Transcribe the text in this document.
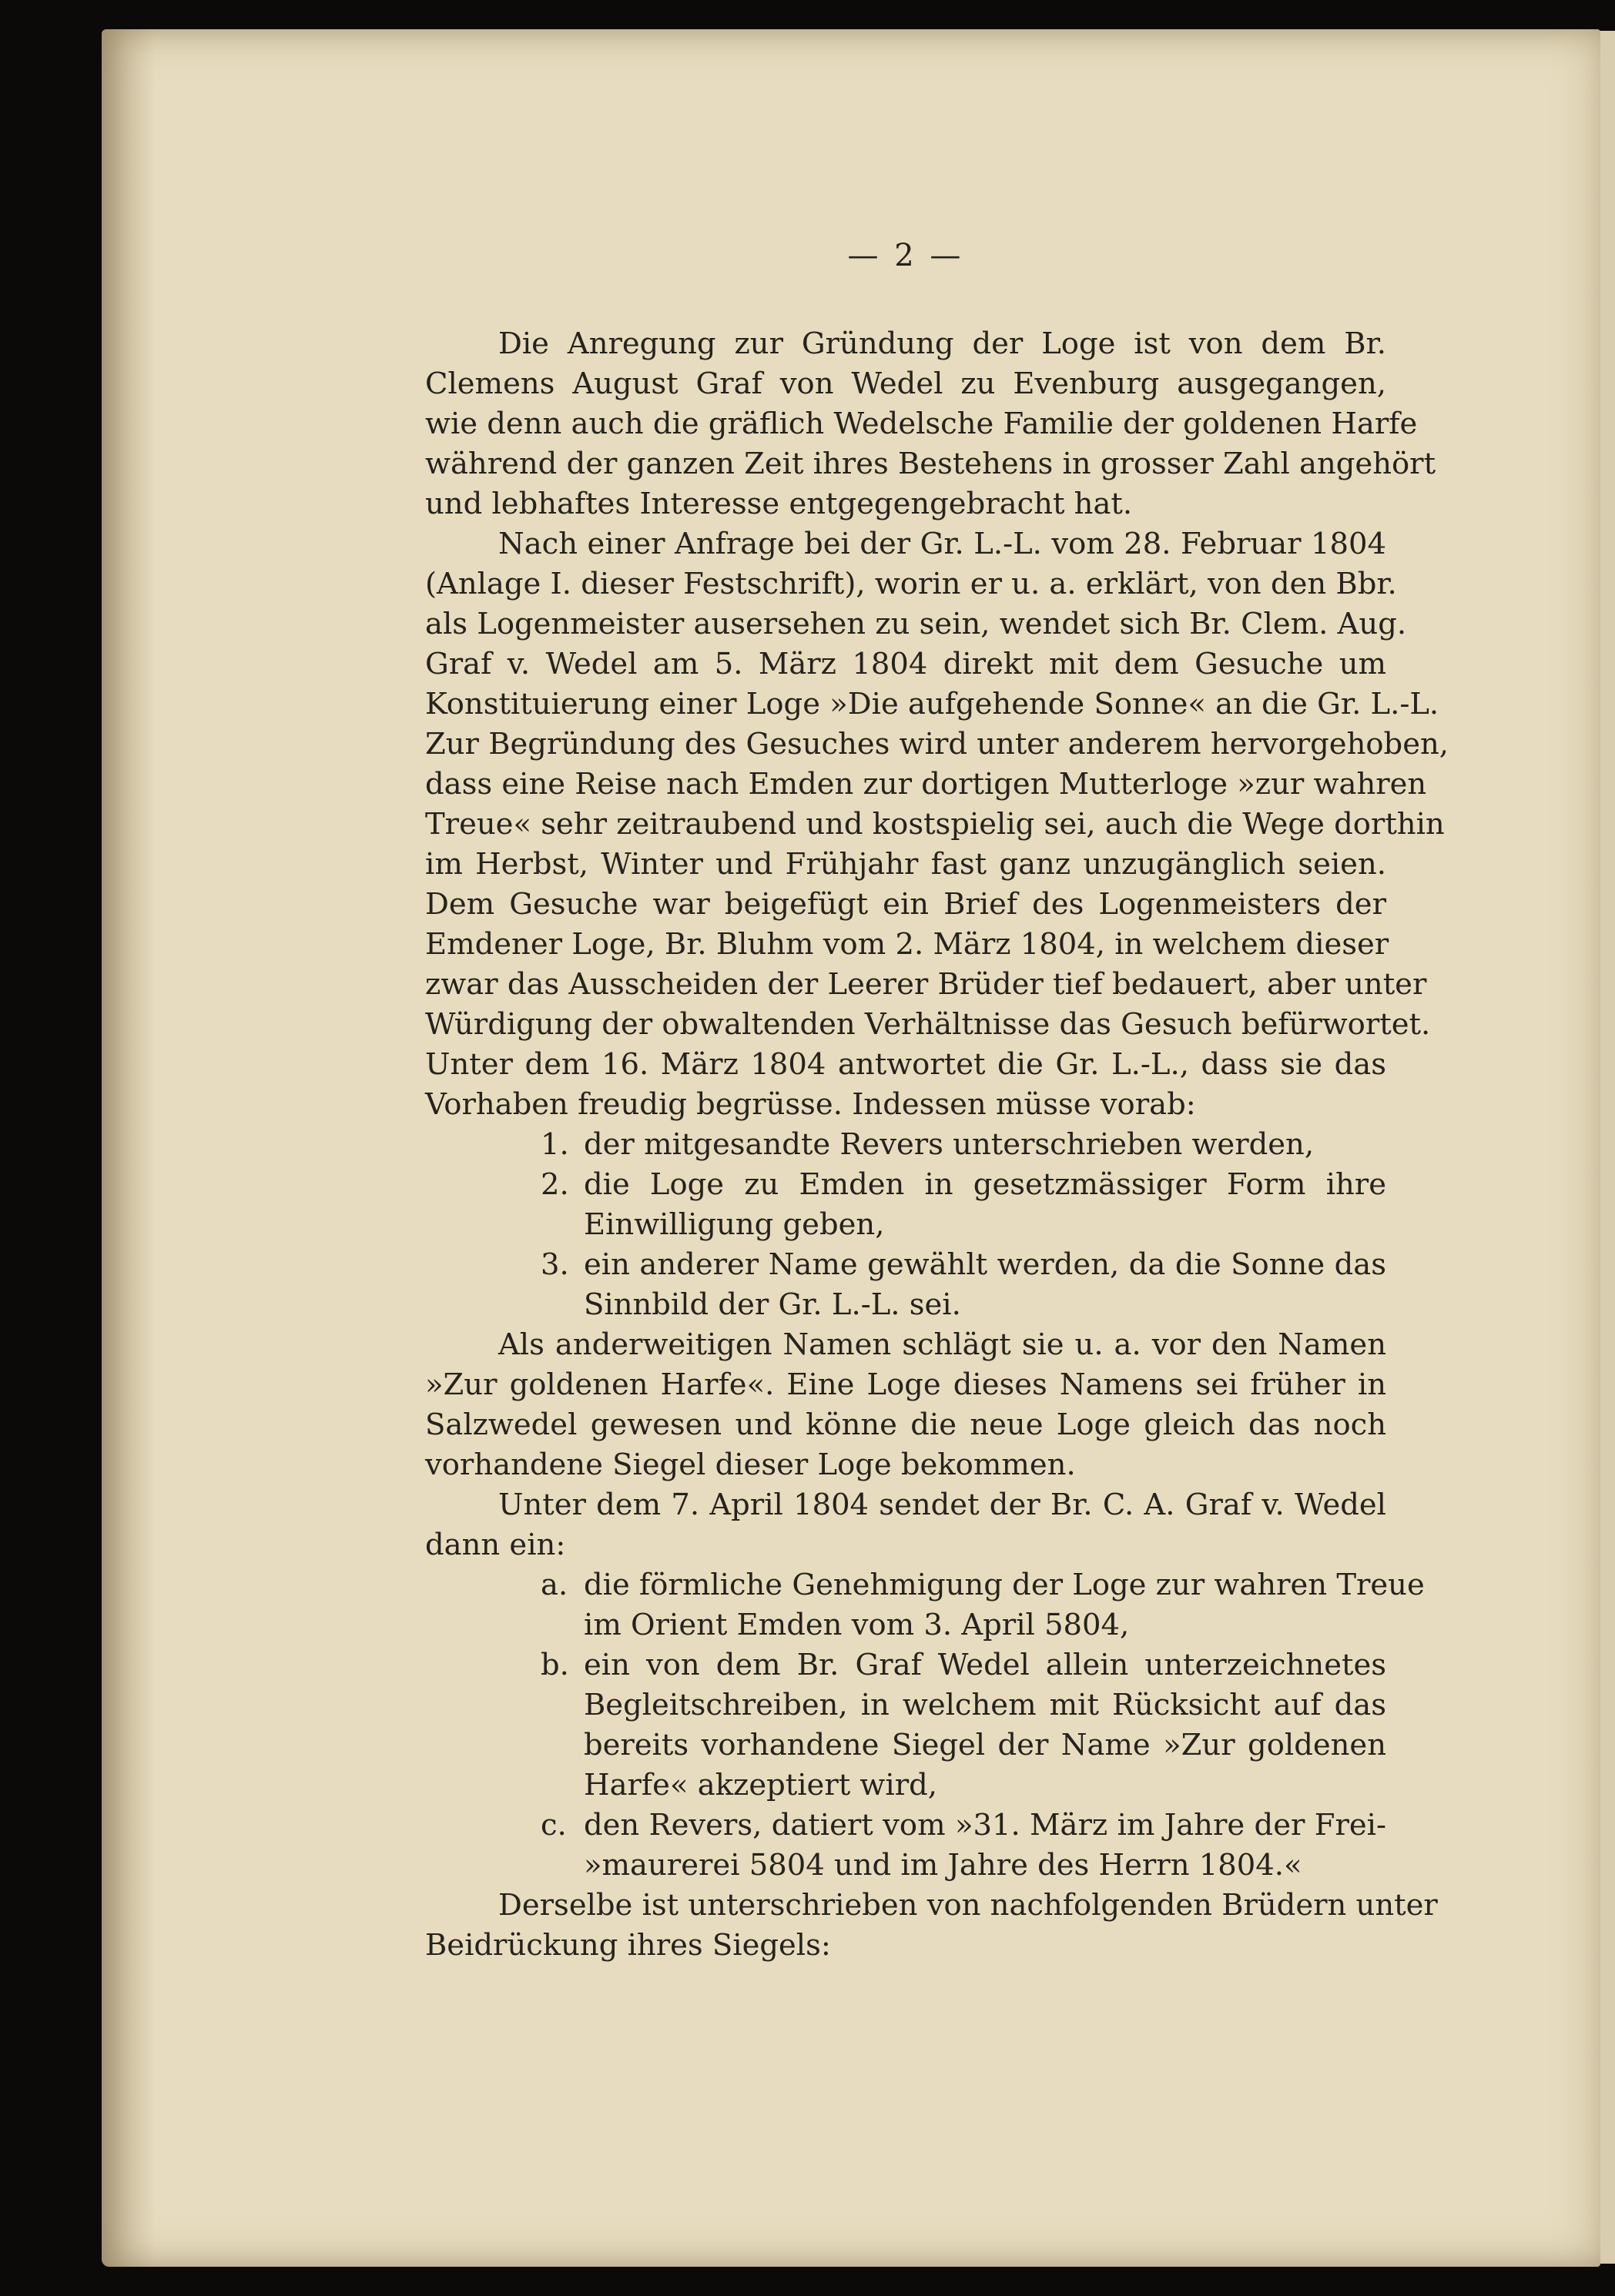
— 2 —
Die Anregung zur Gründung der Loge ist von dem Br.
Clemens August Graf von Wedel zu Evenburg ausgegangen,
wie denn auch die gräflich Wedelsche Familie der goldenen Harfe
während der ganzen Zeit ihres Bestehens in grosser Zahl angehört
und lebhaftes Interesse entgegengebracht hat.
Nach einer Anfrage bei der Gr. L.-L. vom 28. Februar 1804
(Anlage I. dieser Festschrift), worin er u. a. erklärt, von den Bbr.
als Logenmeister ausersehen zu sein, wendet sich Br. Clem. Aug.
Graf v. Wedel am 5. März 1804 direkt mit dem Gesuche um
Konstituierung einer Loge »Die aufgehende Sonne« an die Gr. L.-L.
Zur Begründung des Gesuches wird unter anderem hervorgehoben,
dass eine Reise nach Emden zur dortigen Mutterloge »zur wahren
Treue« sehr zeitraubend und kostspielig sei, auch die Wege dorthin
im Herbst, Winter und Frühjahr fast ganz unzugänglich seien.
Dem Gesuche war beigefügt ein Brief des Logenmeisters der
Emdener Loge, Br. Bluhm vom 2. März 1804, in welchem dieser
zwar das Ausscheiden der Leerer Brüder tief bedauert, aber unter
Würdigung der obwaltenden Verhältnisse das Gesuch befürwortet.
Unter dem 16. März 1804 antwortet die Gr. L.-L., dass sie das
Vorhaben freudig begrüsse. Indessen müsse vorab:
1. der mitgesandte Revers unterschrieben werden,
2. die Loge zu Emden in gesetzmässiger Form ihre
Einwilligung geben,
3. ein anderer Name gewählt werden, da die Sonne das
Sinnbild der Gr. L.-L. sei.
Als anderweitigen Namen schlägt sie u. a. vor den Namen
»Zur goldenen Harfe«. Eine Loge dieses Namens sei früher in
Salzwedel gewesen und könne die neue Loge gleich das noch
vorhandene Siegel dieser Loge bekommen.
Unter dem 7. April 1804 sendet der Br. C. A. Graf v. Wedel
dann ein:
a. die förmliche Genehmigung der Loge zur wahren Treue
im Orient Emden vom 3. April 5804,
b. ein von dem Br. Graf Wedel allein unterzeichnetes
Begleitschreiben, in welchem mit Rücksicht auf das
bereits vorhandene Siegel der Name »Zur goldenen
Harfe« akzeptiert wird,
c. den Revers, datiert vom »31. März im Jahre der Frei-
»maurerei 5804 und im Jahre des Herrn 1804.«
Derselbe ist unterschrieben von nachfolgenden Brüdern unter
Beidrückung ihres Siegels:
